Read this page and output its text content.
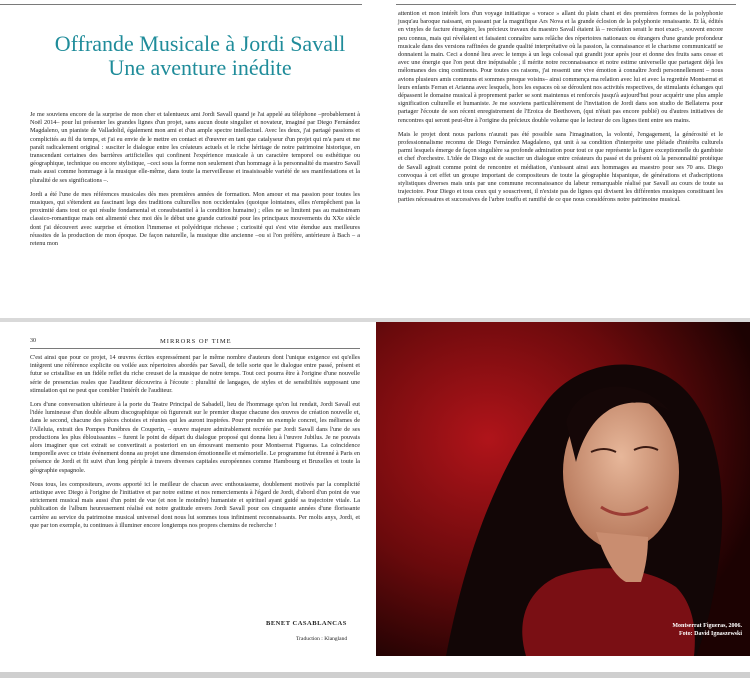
Offrande Musicale à Jordi Savall
Une aventure inédite

Je me souviens encore de la surprise de mon cher et talentueux ami Jordi Savall quand je l'ai appelé au téléphone –probablement à Noël 2014– pour lui présenter les grandes lignes d'un projet, sans aucun doute singulier et novateur, imaginé par Diego Fernández Magdaleno, un pianiste de Valladolid, également mon ami et d'un ample spectre intellectuel. Avec les deux, j'ai partagé passions et complicités au fil du temps, et j'ai eu envie de le mettre en contact et d'œuvrer en tant que catalyseur d'un projet qui m'a paru et me paraît radicalement original : susciter le dialogue entre les créateurs actuels et le riche héritage de notre patrimoine historique, en transcendant certaines des barrières artificielles qui confinent l'expérience musicale à un caractère temporel ou esthétique ou géographique, technique ou encore stylistique, –ceci sous la forme non seulement d'un hommage à la personnalité du maestro Savall mais aussi comme hommage à la musique elle-même, dans toute la merveilleuse et insaisissable variété de ses manifestations et la pluralité de ses significations –.

Jordi a été l'une de mes références musicales dès mes premières années de formation. Mon amour et ma passion pour toutes les musiques, qui s'étendent au fascinant legs des traditions culturelles non occidentales (quoique lointaines, elles n'empêchent pas la proximité dans tout ce qui résulte fondamental et consubstantiel à la condition humaine) ; elles ne se limitent pas au mainstream classico-romantique mais ont alimenté chez moi dès le début une grande curiosité pour les principaux mouvements du XXe siècle dont j'ai découvert avec surprise et émotion l'immense et polyédrique richesse ; curiosité qui s'est vite étendue aux meilleures réussites de la production de mon époque. De façon naturelle, la musique dite ancienne –ou si l'on préfère, antérieure à Bach – a retenu mon

attention et mon intérêt lors d'un voyage initiatique « vorace » allant du plain chant et des premières formes de la polyphonie jusqu'au baroque naissant, en passant par la magnifique Ars Nova et la grande éclosion de la polyphonie renaissante. Et là, édités en vinyles de facture étrangère, les précieux travaux du maestro Savall étaient là – recréation serait le mot exact–, souvent encore peu connus, mais qui révélaient et faisaient connaître sans relâche des répertoires nationaux ou étrangers d'une grande profondeur musicale dans des versions raffinées de grande qualité interprétative où la passion, la connaissance et le charisme communicatif se donnaient la main. Ceci a donné lieu avec le temps à un legs colossal qui grandit jour après jour et donne des fruits sans cesse et avec une énergie que l'on peut dire inépuisable ; il mérite notre reconnaissance et notre estime universelle que partagent déjà les mélomanes des cinq continents. Pour toutes ces raisons, j'ai ressenti une vive émotion à connaître Jordi personnellement – nous avions plusieurs amis communs et sommes presque voisins– ainsi commença ma relation avec lui et avec la regrettée Montserrat et leurs enfants Ferran et Arianna avec lesquels, hors les espaces où se déroulent nos activités respectives, de stimulants échanges qui dépassent le domaine musical à proprement parler se sont maintenus et renforcés jusqu'à aujourd'hui pour acquérir une plus ample signification culturelle et humaniste. Je me souviens particulièrement de l'invitation de Jordi dans son studio de Bellaterra pour partager l'écoute de son récent enregistrement de l'Eroica de Beethoven, (qui n'était pas encore publié) ou d'autres initiatives de rencontres qui seront peut-être à l'origine du précieux double volume que le lecteur de ces lignes tient entre ses mains.

Mais le projet dont nous parlons n'aurait pas été possible sans l'imagination, la volonté, l'engagement, la générosité et le professionnalisme reconnu de Diego Fernández Magdaleno, qui unit à sa condition d'interprète une pléiade d'intérêts culturels parmi lesquels émerge de façon singulière sa profonde admiration pour tout ce que représente la figure exceptionnelle du gambiste et chef d'orchestre. L'idée de Diego est de susciter un dialogue entre créateurs du passé et du présent où la personnalité protéique de Savall agirait comme point de rencontre et médiation, s'unissant ainsi aux hommages au maestro pour ses 70 ans. Diego convoqua à cet effet un groupe important de compositeurs de toute la géographie hispanique, de générations et d'adscriptions stylistiques diverses mais unis par une commune reconnaissance du labeur remarquable réalisé par Savall au cours de toute sa trajectoire. Pour Diego et tous ceux qui y souscrivent, il n'existe pas de lignes qui divisent les différentes musiques constituant les parties nécessaires et successives de l'arbre touffu et ramifié de ce que nous considérons notre patrimoine musical.

30	MIRRORS OF TIME

C'est ainsi que pour ce projet, 14 œuvres écrites expressément par le même nombre d'auteurs dont l'unique exigence est qu'elles intègrent une référence explicite ou voilée aux répertoires abordés par Savall, de telle sorte que le dialogue entre passé, présent et futur se cristallise en un fidèle reflet du riche creuset de la musique de notre temps. Tout ceci pourra être à l'origine d'une nouvelle série de presencias reales que l'auditeur découvrira à l'écoute : pluralité de langages, de styles et de sensibilités supposant une stimulation qui ne peut que combler l'intérêt de l'auditeur.

Lors d'une conversation ultérieure à la porte du Teatre Principal de Sabadell, lieu de l'hommage qu'on lui rendait, Jordi Savall eut l'idée lumineuse d'un double album discographique où figurerait sur le premier disque chacune des œuvres de création nouvelle et, dans le second, chacune des pièces choisies et réunies qui les auront inspirées. Pour prendre un exemple concret, les mélismes de l'Alleluia, extrait des Pompes Funèbres de Couperin, – œuvre majeure admirablement recréée par Jordi Savall dans l'une de ses productions les plus éblouissantes – furent le point de départ du dialogue proposé qui donna lieu à l'œuvre Jubilus. Je ne pouvais alors imaginer que cet extrait se convertirait a posteriori en un émouvant memento pour Montserrat Figueras. La coïncidence temporelle avec ce triste événement donna au projet une dimension émotionnelle et mémorielle. Le programme fut étrenné à Paris en présence de Jordi et fit suivi d'un long périple à travers diverses capitales européennes comme Hambourg et Bruxelles et toute la géographie espagnole.

Nous tous, les compositeurs, avons apporté ici le meilleur de chacun avec enthousiasme, doublement motivés par la complicité artistique avec Diego à l'origine de l'initiative et par notre estime et nos remerciements à l'égard de Jordi, d'abord d'un point de vue strictement musical mais aussi d'un point de vue (et non le moindre) humaniste et spirituel ayant guidé sa trajectoire vitale. La publication de l'album heureusement réalisé est notre gratitude envers Jordi Savall pour ces cinquante années d'une florissante carrière au service du patrimoine musical universel dont nous lui sommes tous infiniment reconnaissants. Per molts anys, Jordi, et que par ton exemple, tu continues à illuminer encore longtemps nos propres chemins de recherche !

BENET CASABLANCAS
Traduction : Klangland
Montserrat Figueras, 2006.
Foto: David Ignaszewski
